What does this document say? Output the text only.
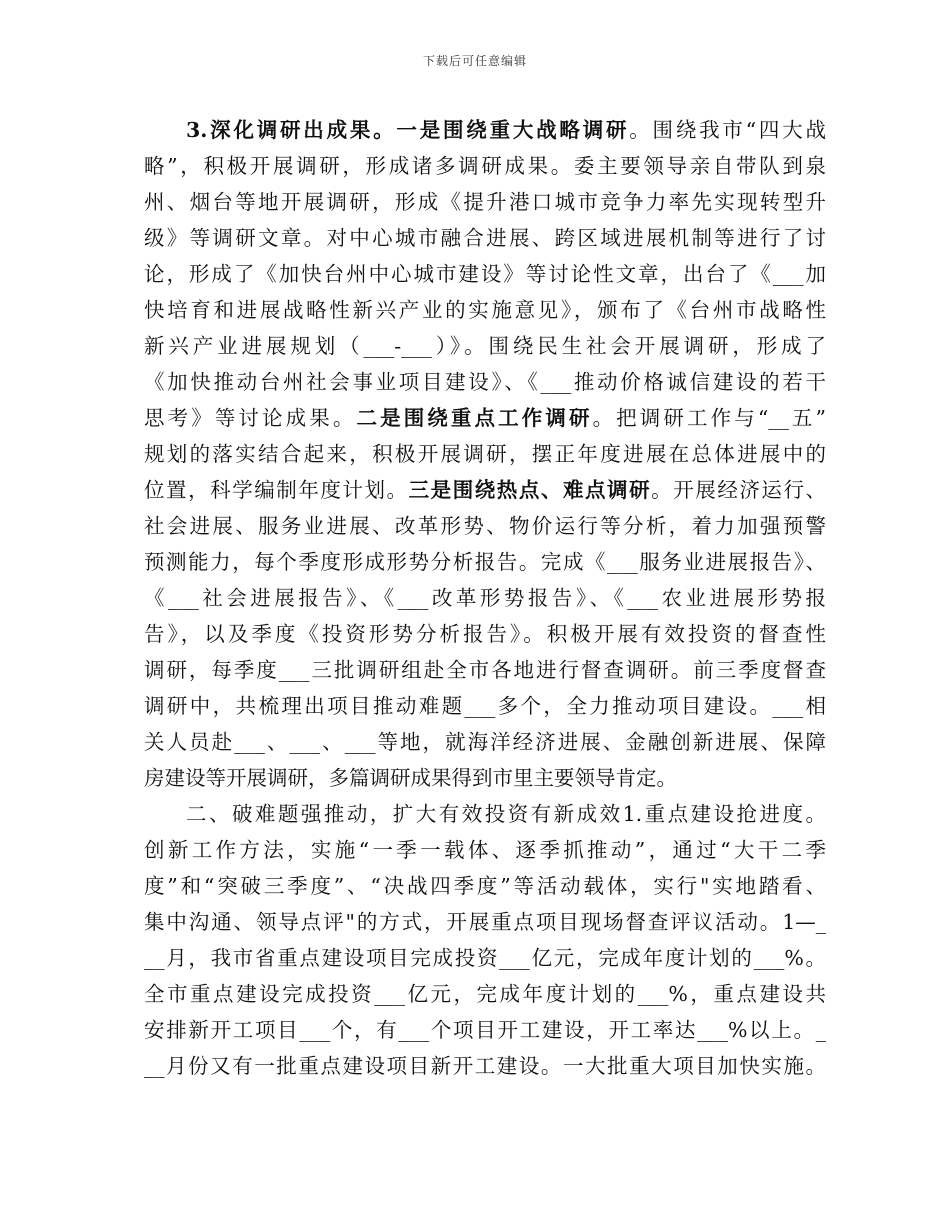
下载后可任意编辑
3.深化调研出成果。一是围绕重大战略调研。围绕我市“四大战
略”，积极开展调研，形成诸多调研成果。委主要领导亲自带队到泉
州、烟台等地开展调研，形成《提升港口城市竞争力率先实现转型升
级》等调研文章。对中心城市融合进展、跨区域进展机制等进行了讨
论，形成了《加快台州中心城市建设》等讨论性文章，出台了《___加
快培育和进展战略性新兴产业的实施意见》，颁布了《台州市战略性
新兴产业进展规划（___-___）》。围绕民生社会开展调研，形成了
《加快推动台州社会事业项目建设》、《___推动价格诚信建设的若干
思考》等讨论成果。二是围绕重点工作调研。把调研工作与“__五”
规划的落实结合起来，积极开展调研，摆正年度进展在总体进展中的
位置，科学编制年度计划。三是围绕热点、难点调研。开展经济运行、
社会进展、服务业进展、改革形势、物价运行等分析，着力加强预警
预测能力，每个季度形成形势分析报告。完成《___服务业进展报告》、
《___社会进展报告》、《___改革形势报告》、《___农业进展形势报
告》，以及季度《投资形势分析报告》。积极开展有效投资的督查性
调研，每季度___三批调研组赴全市各地进行督查调研。前三季度督查
调研中，共梳理出项目推动难题___多个，全力推动项目建设。___相
关人员赴___、___、___等地，就海洋经济进展、金融创新进展、保障
房建设等开展调研，多篇调研成果得到市里主要领导肯定。
二、破难题强推动，扩大有效投资有新成效1.重点建设抢进度。
创新工作方法，实施“一季一载体、逐季抓推动”，通过“大干二季
度”和“突破三季度”、“决战四季度”等活动载体，实行"实地踏看、
集中沟通、领导点评"的方式，开展重点项目现场督查评议活动。1—_
__月，我市省重点建设项目完成投资___亿元，完成年度计划的___%。
全市重点建设完成投资___亿元，完成年度计划的___%，重点建设共
安排新开工项目___个，有___个项目开工建设，开工率达___%以上。_
__月份又有一批重点建设项目新开工建设。一大批重大项目加快实施。
